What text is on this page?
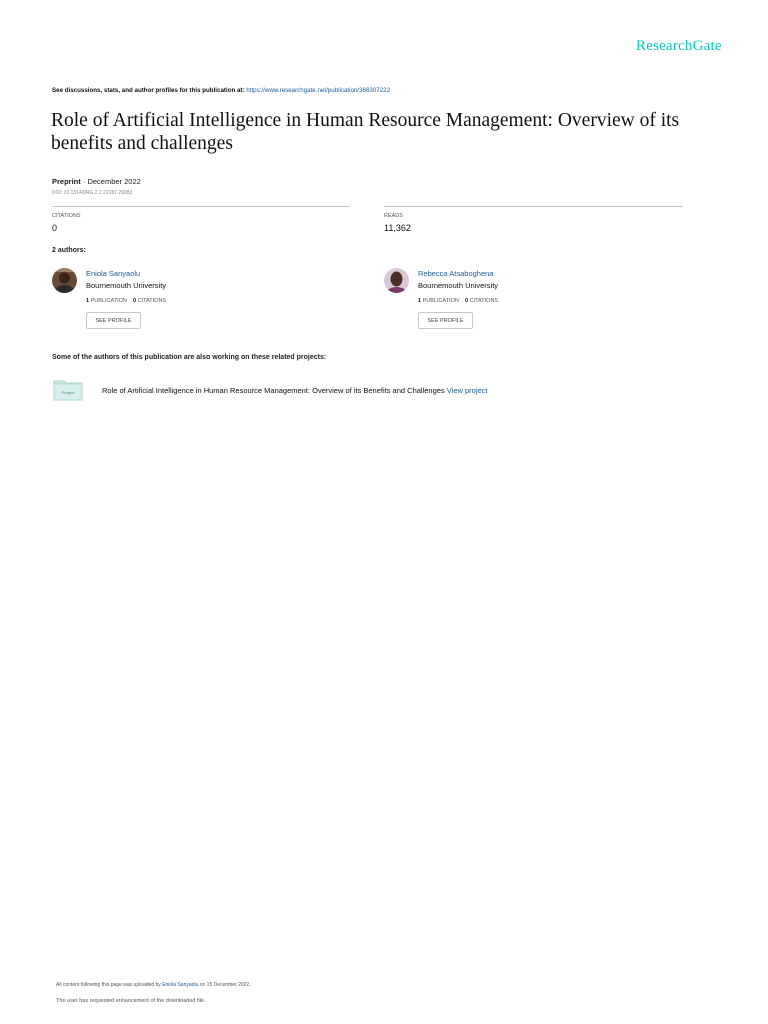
ResearchGate
See discussions, stats, and author profiles for this publication at: https://www.researchgate.net/publication/366307222
Role of Artificial Intelligence in Human Resource Management: Overview of its benefits and challenges
Preprint · December 2022
DOI: 10.13140/RG.2.2.22287.29283
CITATIONS
0
READS
11,362
2 authors:
Eniola Sanyaolu
Bournemouth University
1 PUBLICATION 0 CITATIONS
SEE PROFILE
Rebecca Atsaboghena
Bournemouth University
1 PUBLICATION 0 CITATIONS
SEE PROFILE
Some of the authors of this publication are also working on these related projects:
Project	Role of Artificial Intelligence in Human Resource Management: Overview of its Benefits and Challenges View project
All content following this page was uploaded by Eniola Sanyaolu on 15 December 2022.
The user has requested enhancement of the downloaded file.
